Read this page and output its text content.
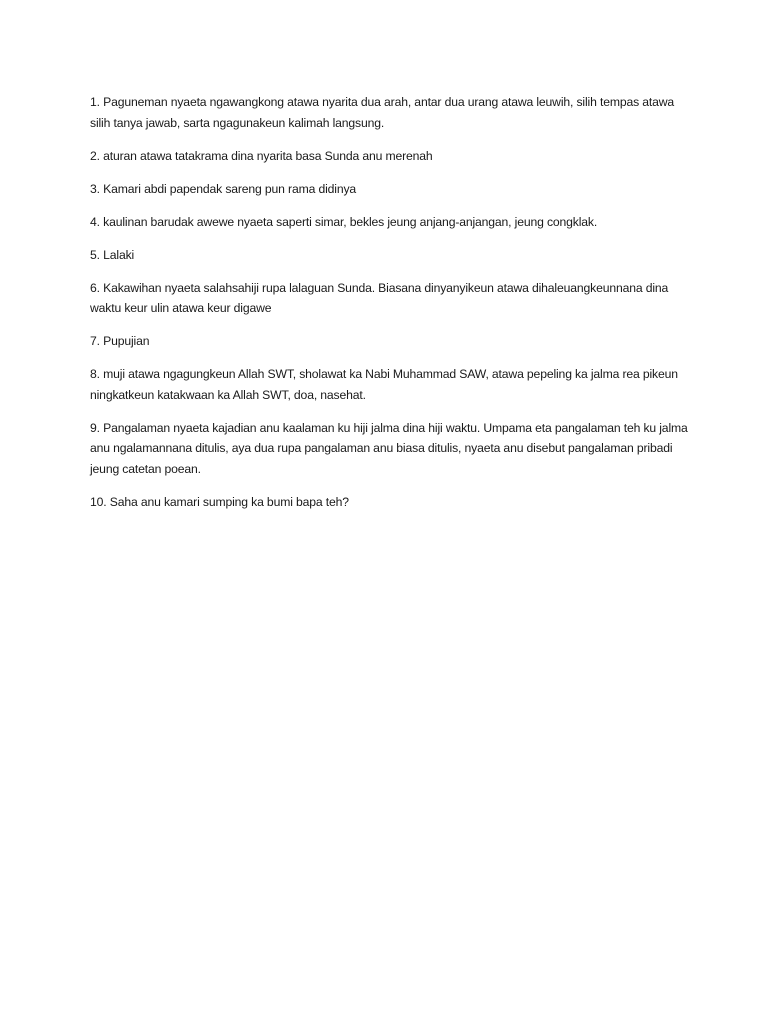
1. Paguneman nyaeta ngawangkong atawa nyarita dua arah, antar dua urang atawa leuwih, silih tempas atawa silih tanya jawab, sarta ngagunakeun kalimah langsung.

2. aturan atawa tatakrama dina nyarita basa Sunda anu merenah

3. Kamari abdi papendak sareng pun rama didinya

4. kaulinan barudak awewe nyaeta saperti simar, bekles jeung anjang-anjangan, jeung congklak.

5. Lalaki

6. Kakawihan nyaeta salahsahiji rupa lalaguan Sunda. Biasana dinyanyikeun atawa dihaleuangkeunnana dina waktu keur ulin atawa keur digawe

7. Pupujian

8. muji atawa ngagungkeun Allah SWT, sholawat ka Nabi Muhammad SAW, atawa pepeling ka jalma rea pikeun ningkatkeun katakwaan ka Allah SWT, doa, nasehat.

9. Pangalaman nyaeta kajadian anu kaalaman ku hiji jalma dina hiji waktu. Umpama eta pangalaman teh ku jalma anu ngalamannana ditulis, aya dua rupa pangalaman anu biasa ditulis, nyaeta anu disebut pangalaman pribadi jeung catetan poean.

10. Saha anu kamari sumping ka bumi bapa teh?
